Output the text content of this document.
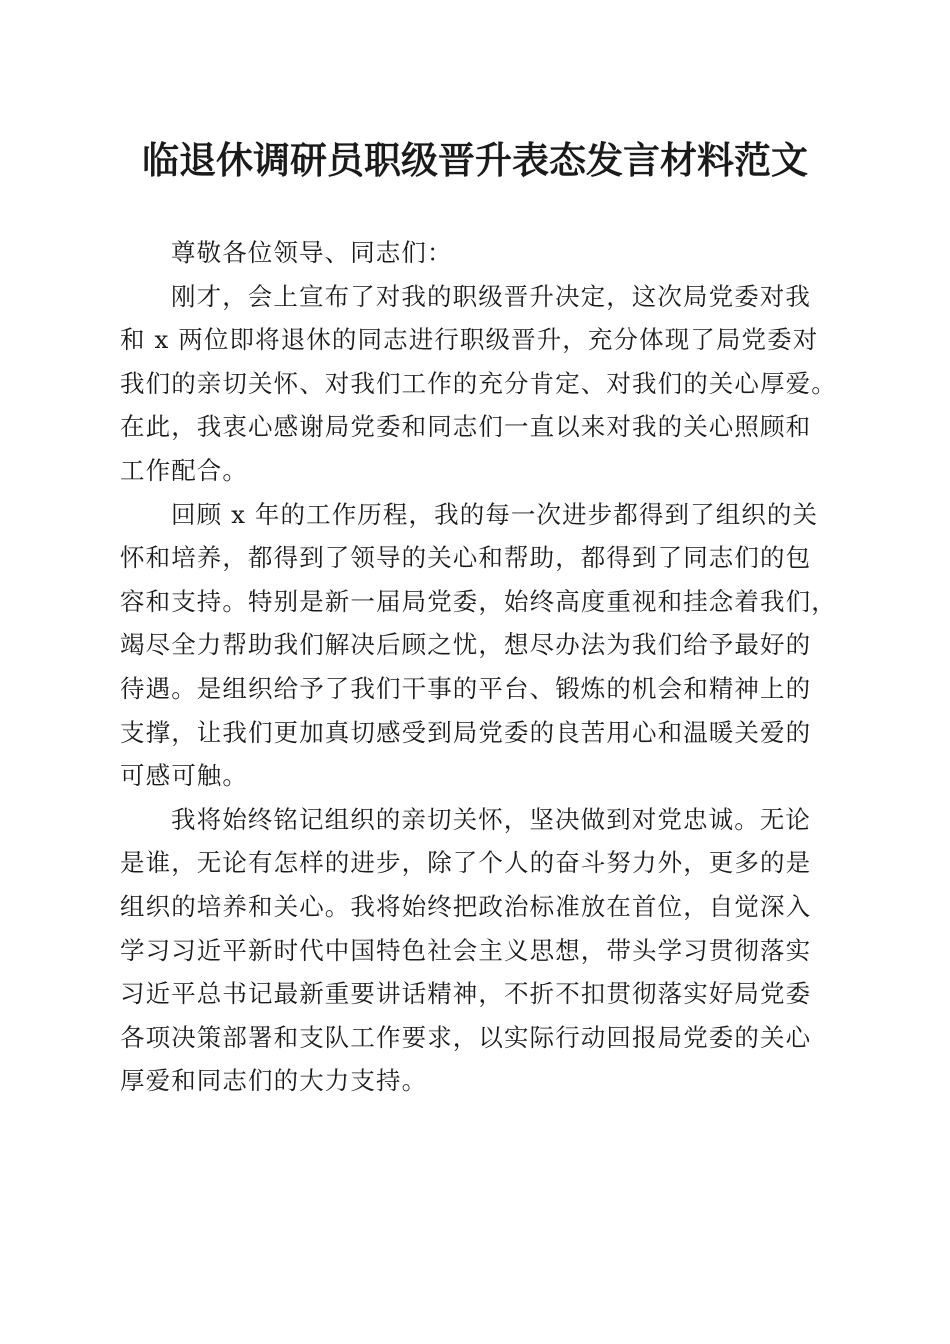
临退休调研员职级晋升表态发言材料范文
尊敬各位领导、同志们：
刚才，会上宣布了对我的职级晋升决定，这次局党委对我
和 x 两位即将退休的同志进行职级晋升，充分体现了局党委对
我们的亲切关怀、对我们工作的充分肯定、对我们的关心厚爱。
在此，我衷心感谢局党委和同志们一直以来对我的关心照顾和
工作配合。
回顾 x 年的工作历程，我的每一次进步都得到了组织的关
怀和培养，都得到了领导的关心和帮助，都得到了同志们的包
容和支持。特别是新一届局党委，始终高度重视和挂念着我们，
竭尽全力帮助我们解决后顾之忧，想尽办法为我们给予最好的
待遇。是组织给予了我们干事的平台、锻炼的机会和精神上的
支撑，让我们更加真切感受到局党委的良苦用心和温暖关爱的
可感可触。
我将始终铭记组织的亲切关怀，坚决做到对党忠诚。无论
是谁，无论有怎样的进步，除了个人的奋斗努力外，更多的是
组织的培养和关心。我将始终把政治标准放在首位，自觉深入
学习习近平新时代中国特色社会主义思想，带头学习贯彻落实
习近平总书记最新重要讲话精神，不折不扣贯彻落实好局党委
各项决策部署和支队工作要求，以实际行动回报局党委的关心
厚爱和同志们的大力支持。
